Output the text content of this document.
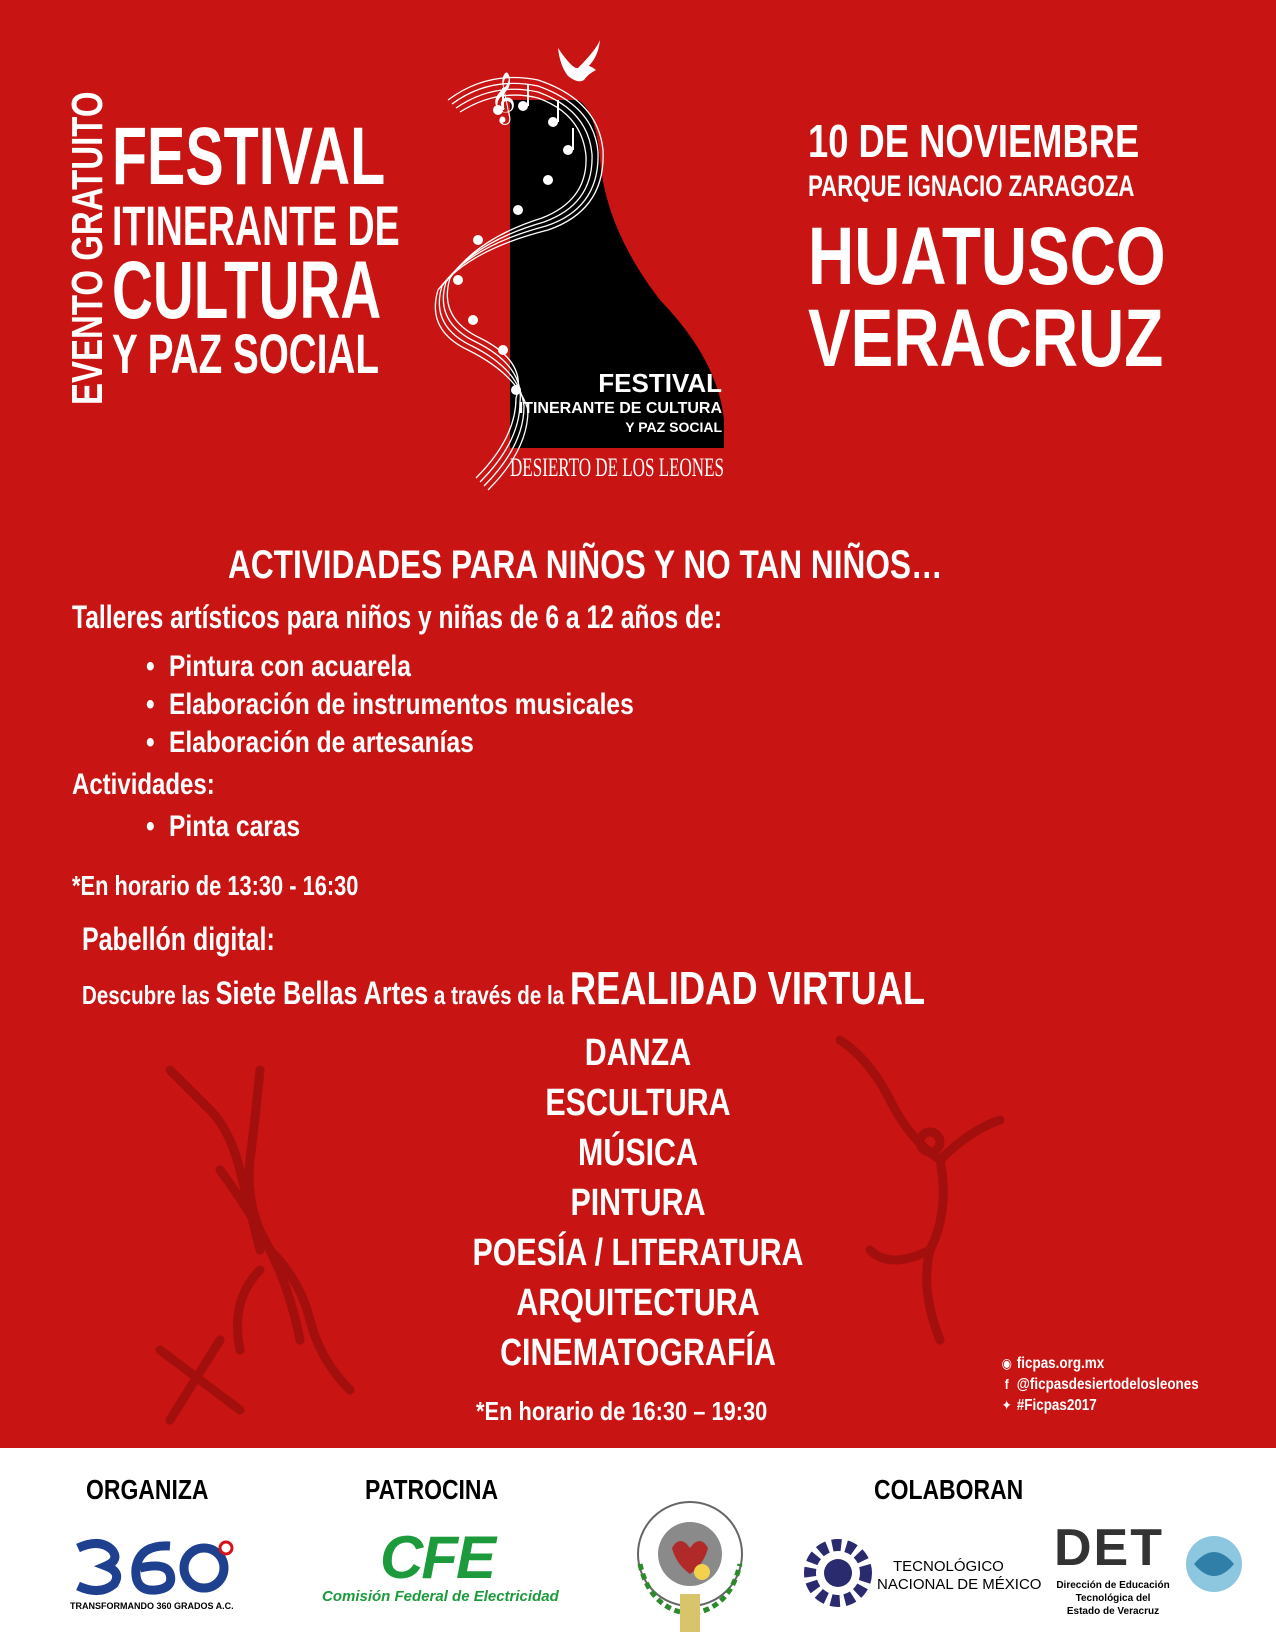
EVENTO GRATUITO FESTIVAL
ITINERANTE DE
CULTURA
Y PAZ SOCIAL
𝄞
FESTIVAL
ITINERANTE DE CULTURA
Y PAZ SOCIAL
DESIERTO DE LOS LEONES
10 DE NOVIEMBRE
PARQUE IGNACIO ZARAGOZA
HUATUSCO
VERACRUZ
ACTIVIDADES PARA NIÑOS Y NO TAN NIÑOS…
Talleres artísticos para niños y niñas de 6 a 12 años de:
• Pintura con acuarela
• Elaboración de instrumentos musicales
• Elaboración de artesanías
Actividades:
• Pinta caras
*En horario de 13:30 - 16:30
Pabellón digital:
Descubre las Siete Bellas Artes a través de la REALIDAD VIRTUAL
DANZA
ESCULTURA
MÚSICA
PINTURA
POESÍA / LITERATURA
ARQUITECTURA
CINEMATOGRAFÍA
*En horario de 16:30 – 19:30
◉ ficpas.org.mx
f @ficpasdesiertodelosleones
✦ #Ficpas2017
ORGANIZA	PATROCINA	COLABORAN
TRANSFORMANDO 360 GRADOS A.C.
CFE
Comisión Federal de Electricidad
TECNOLÓGICO
NACIONAL DE MÉXICO
DET
Dirección de Educación
Tecnológica del
Estado de Veracruz
